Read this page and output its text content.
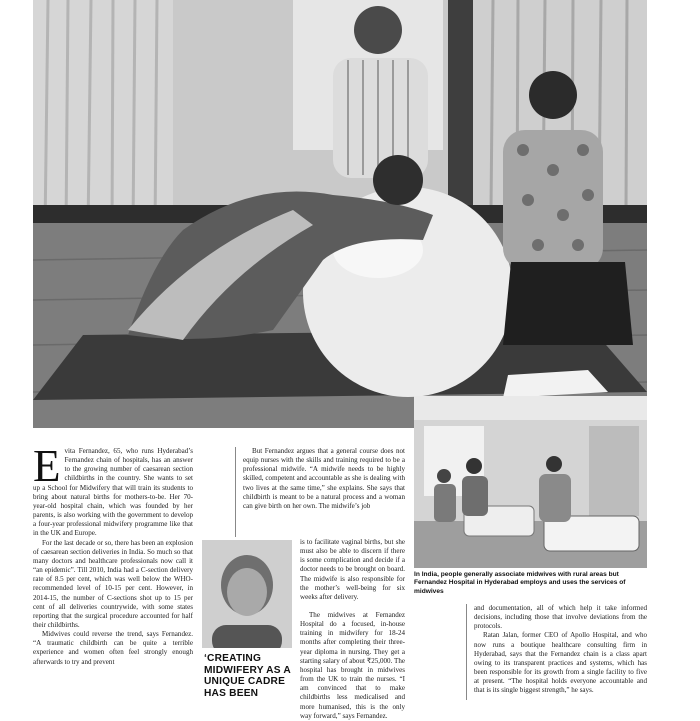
In India, people generally associate midwives with rural areas but Fernandez Hospital in Hyderabad employs and uses the services of midwives
E vita Fernandez, 65, who runs Hyderabad’s Fernandez chain of hospitals, has an answer to the growing number of caesarean section childbirths in the country. She wants to set up a School for Midwifery that will train its students to bring about natural births for mothers-to-be. Her 70-year-old hospital chain, which was founded by her parents, is also working with the government to develop a four-year professional midwifery programme like that in the UK and Europe.

For the last decade or so, there has been an explosion of caesarean section deliveries in India. So much so that many doctors and healthcare professionals now call it “an epidemic”. Till 2010, India had a C-section delivery rate of 8.5 per cent, which was well below the WHO-recommended level of 10-15 per cent. However, in 2014-15, the number of C-sections shot up to 15 per cent of all deliveries countrywide, with some states reporting that the surgical procedure accounted for half their childbirths.

Midwives could reverse the trend, says Fernandez. “A traumatic childbirth can be quite a terrible experience and women often feel strongly enough afterwards to try and prevent

But Fernandez argues that a general course does not equip nurses with the skills and training required to be a professional midwife. “A midwife needs to be highly skilled, competent and accountable as she is dealing with two lives at the same time,” she explains. She says that childbirth is meant to be a natural process and a woman can give birth on her own. The midwife’s job

is to facilitate vaginal births, but she must also be able to discern if there is some complication and decide if a doctor needs to be brought on board. The midwife is also responsible for the mother’s well-being for six weeks after delivery.

The midwives at Fernandez Hospital do a focused, in-house training in midwifery for 18-24 months after completing their three-year diploma in nursing. They get a starting salary of about ₹25,000. The hospital has brought in midwives from the UK to train the nurses. “I am convinced that to make childbirths less medicalised and more humanised, this is the only way forward,” says Fernandez.

‘CREATING MIDWIFERY AS A UNIQUE CADRE HAS BEEN

and documentation, all of which help it take informed decisions, including those that involve deviations from the protocols.

Ratan Jalan, former CEO of Apollo Hospital, and who now runs a boutique healthcare consulting firm in Hyderabad, says that the Fernandez chain is a class apart owing to its transparent practices and systems, which has been responsible for its growth from a single facility to five at present. “The hospital holds everyone accountable and that is its single biggest strength,” he says.
